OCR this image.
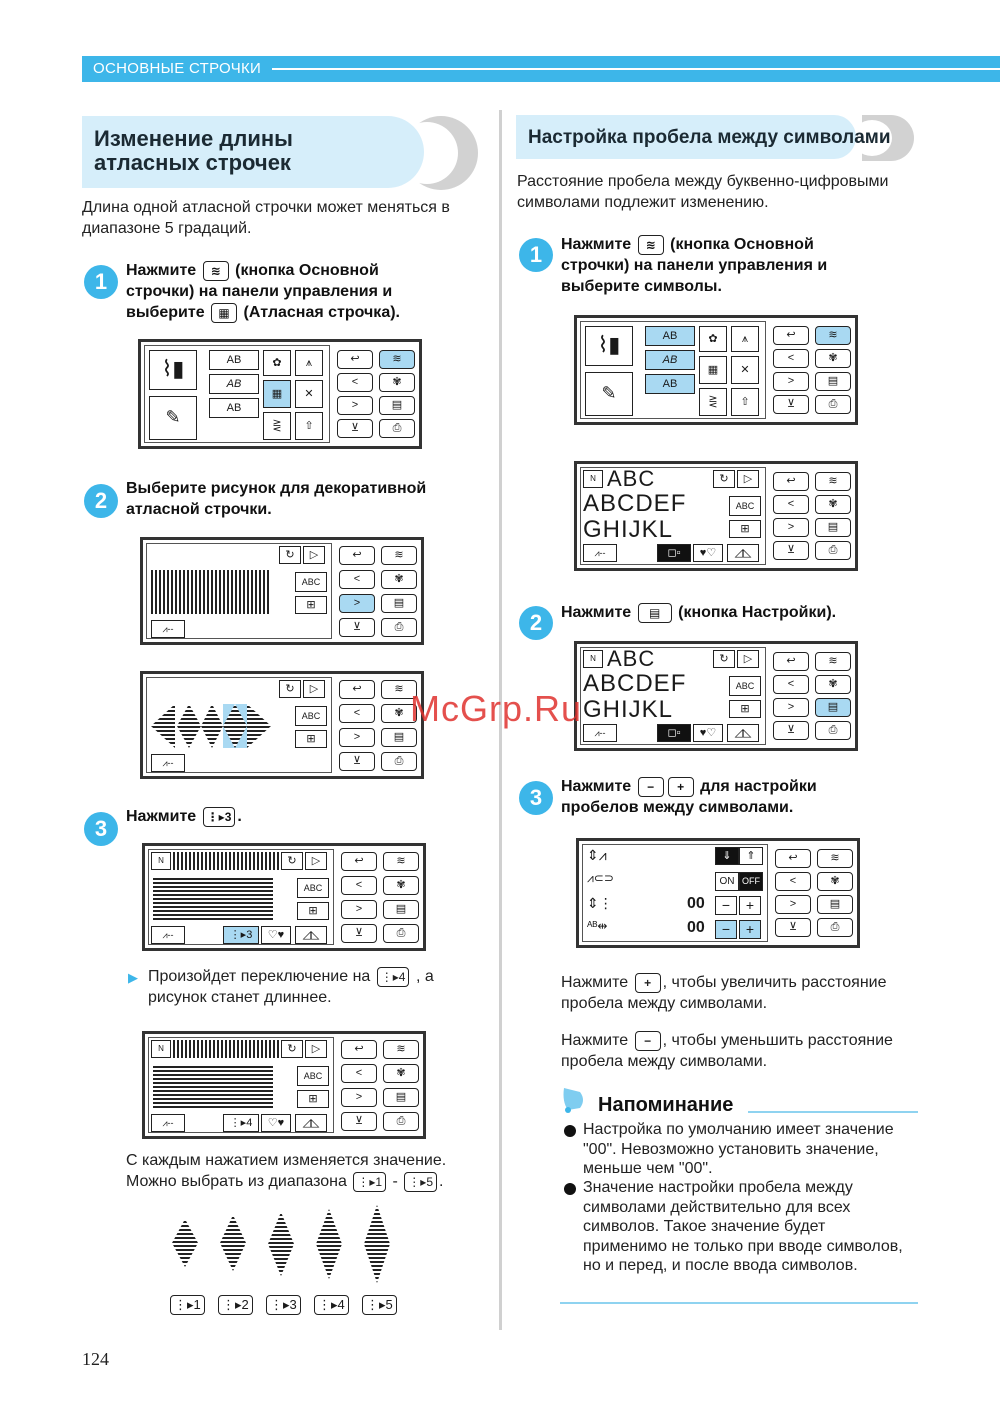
ОСНОВНЫЕ СТРОЧКИ
Изменение длины
атласных строчек
Длина одной атласной строчки может меняться в диапазоне 5 градаций.
1	Нажмите ≋ (кнопка Основной строчки) на панели управления и выберите ▦ (Атласная строчка).
⌇▮
✎
AB
AB
AB
✿	⩚
▦	✕
⋛	⇧
↩	≋
<	✾
>	▤
⊻	⎙
2	Выберите рисунок для декоративной атласной строчки.
↻	▷
ABC
⊞
⩘--
↩	≋
<	✾
>	▤
⊻	⎙
↻	▷
ABC
⊞
⩘--
↩	≋
<	✾
>	▤
⊻	⎙
3	Нажмите ⋮▸3 .
N	↻	▷
ABC
⊞
⩘--	⋮▸3	♡♥	◿◺
↩	≋
<	✾
>	▤
⊻	⎙
▶ Произойдет переключение на ⋮▸4 , а рисунок станет длиннее.
N	↻	▷
ABC
⊞
⩘--	⋮▸4	♡♥	◿◺
↩	≋
<	✾
>	▤
⊻	⎙
С каждым нажатием изменяется значение.
Можно выбрать из диапазона ⋮▸1 - ⋮▸5 .
⋮▸1	⋮▸2	⋮▸3	⋮▸4	⋮▸5
Настройка пробела между символами
Расстояние пробела между буквенно-цифровыми символами подлежит изменению.
1	Нажмите ≋ (кнопка Основной строчки) на панели управления и выберите символы.
⌇▮
✎
AB
AB
AB
✿	⩚
▦	✕
⋛	⇧
↩	≋
<	✾
>	▤
⊻	⎙
N ABC	↻	▷
ABCDEF	ABC
GHIJKL	⊞
⩘--	◻▫	♥♡	◿◺
↩	≋
<	✾
>	▤
⊻	⎙
2	Нажмите ▤ (кнопка Настройки).
N ABC	↻	▷
ABCDEF	ABC
GHIJKL	⊞
⩘--	◻▫	♥♡	◿◺
↩	≋
<	✾
>	▤
⊻	⎙
3	Нажмите − + для настройки пробелов между символами.
⇕⩘
⩘⊂⊃
⇕⋮
ᴬᴮ⇹
⇓	⇑
ON OFF
00	−	+
00	−	+
↩	≋
<	✾
>	▤
⊻	⎙
Нажмите + , чтобы увеличить расстояние пробела между символами.
Нажмите − , чтобы уменьшить расстояние пробела между символами.
Напоминание
Настройка по умолчанию имеет значение "00". Невозможно установить значение, меньше чем "00".
Значение настройки пробела между символами действительно для всех символов. Такое значение будет применимо не только при вводе символов, но и перед, и после ввода символов.
McGrp.Ru
124
